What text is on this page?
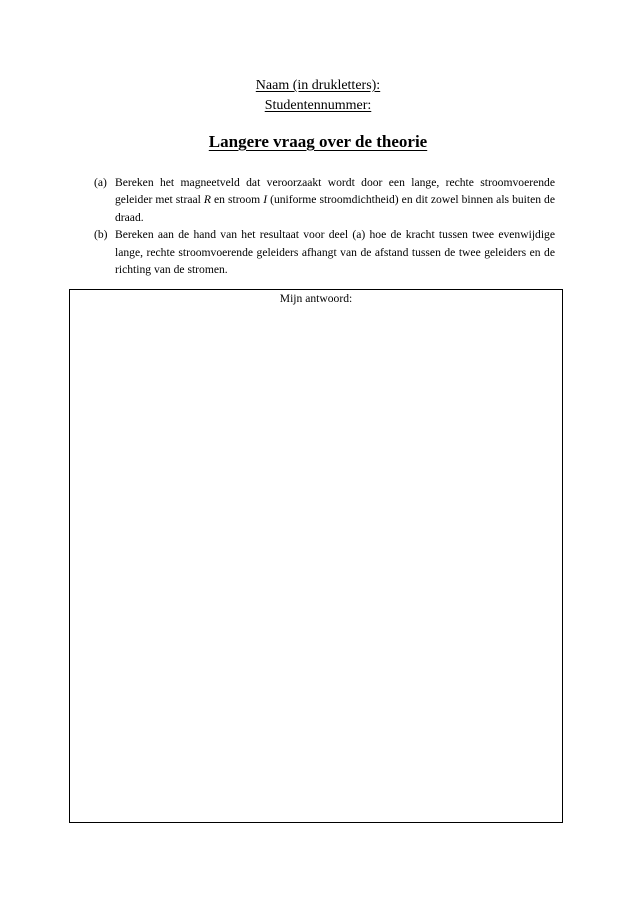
Naam (in drukletters):
Studentennummer:
Langere vraag over de theorie
(a) Bereken het magneetveld dat veroorzaakt wordt door een lange, rechte stroomvoerende geleider met straal R en stroom I (uniforme stroomdichtheid) en dit zowel binnen als buiten de draad.
(b) Bereken aan de hand van het resultaat voor deel (a) hoe de kracht tussen twee evenwijdige lange, rechte stroomvoerende geleiders afhangt van de afstand tussen de twee geleiders en de richting van de stromen.
Mijn antwoord:
